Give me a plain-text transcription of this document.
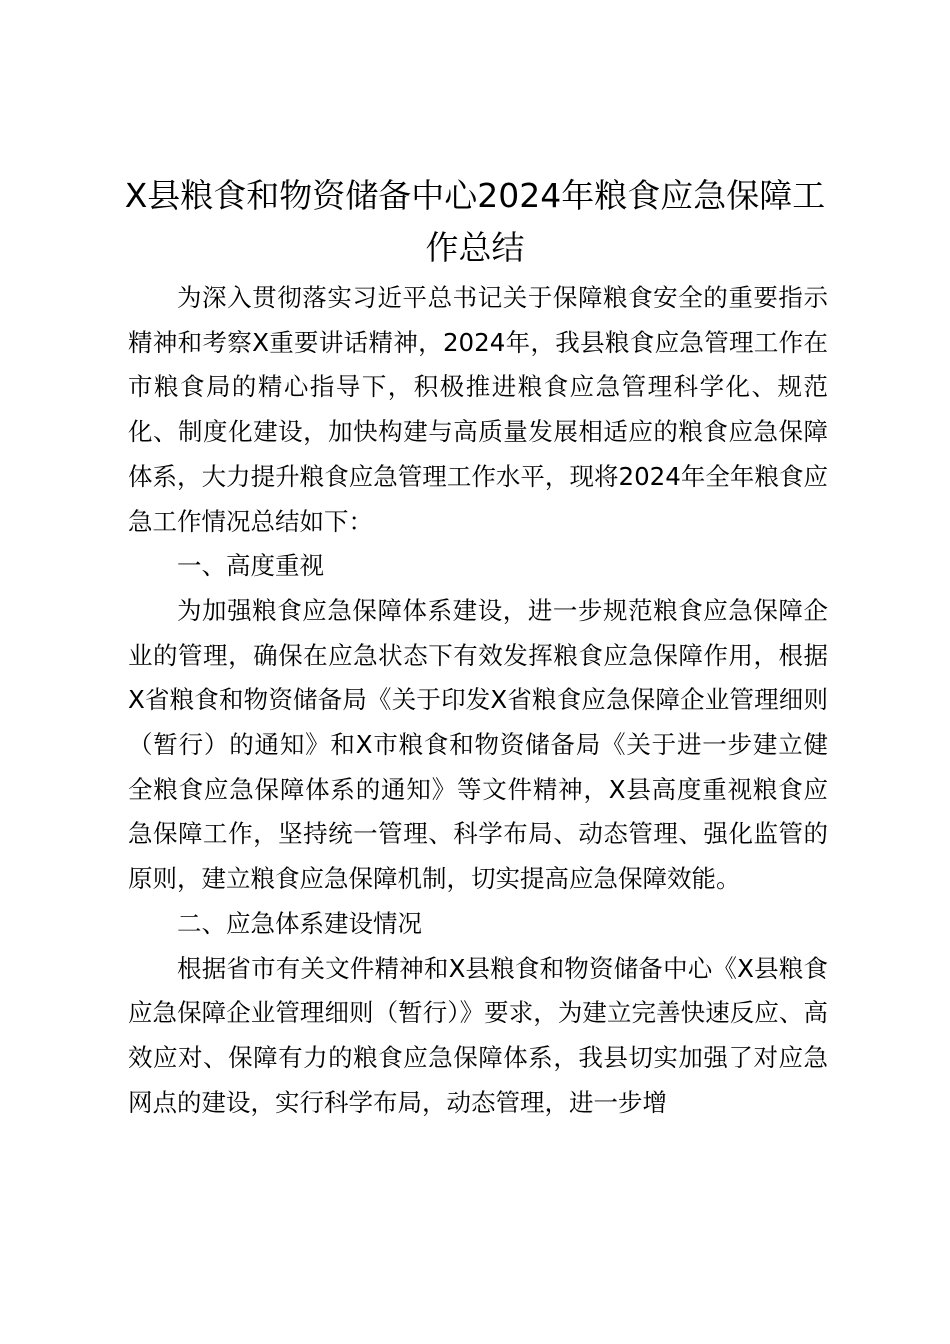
X县粮食和物资储备中心2024年粮食应急保障工作总结

为深入贯彻落实习近平总书记关于保障粮食安全的重要指示精神和考察X重要讲话精神，2024年，我县粮食应急管理工作在市粮食局的精心指导下，积极推进粮食应急管理科学化、规范化、制度化建设，加快构建与高质量发展相适应的粮食应急保障体系，大力提升粮食应急管理工作水平，现将2024年全年粮食应急工作情况总结如下：

一、高度重视

为加强粮食应急保障体系建设，进一步规范粮食应急保障企业的管理，确保在应急状态下有效发挥粮食应急保障作用，根据X省粮食和物资储备局《关于印发X省粮食应急保障企业管理细则（暂行）的通知》和X市粮食和物资储备局《关于进一步建立健全粮食应急保障体系的通知》等文件精神，X县高度重视粮食应急保障工作，坚持统一管理、科学布局、动态管理、强化监管的原则，建立粮食应急保障机制，切实提高应急保障效能。

二、应急体系建设情况

根据省市有关文件精神和X县粮食和物资储备中心《X县粮食应急保障企业管理细则（暂行）》要求，为建立完善快速反应、高效应对、保障有力的粮食应急保障体系，我县切实加强了对应急网点的建设，实行科学布局，动态管理，进一步增
